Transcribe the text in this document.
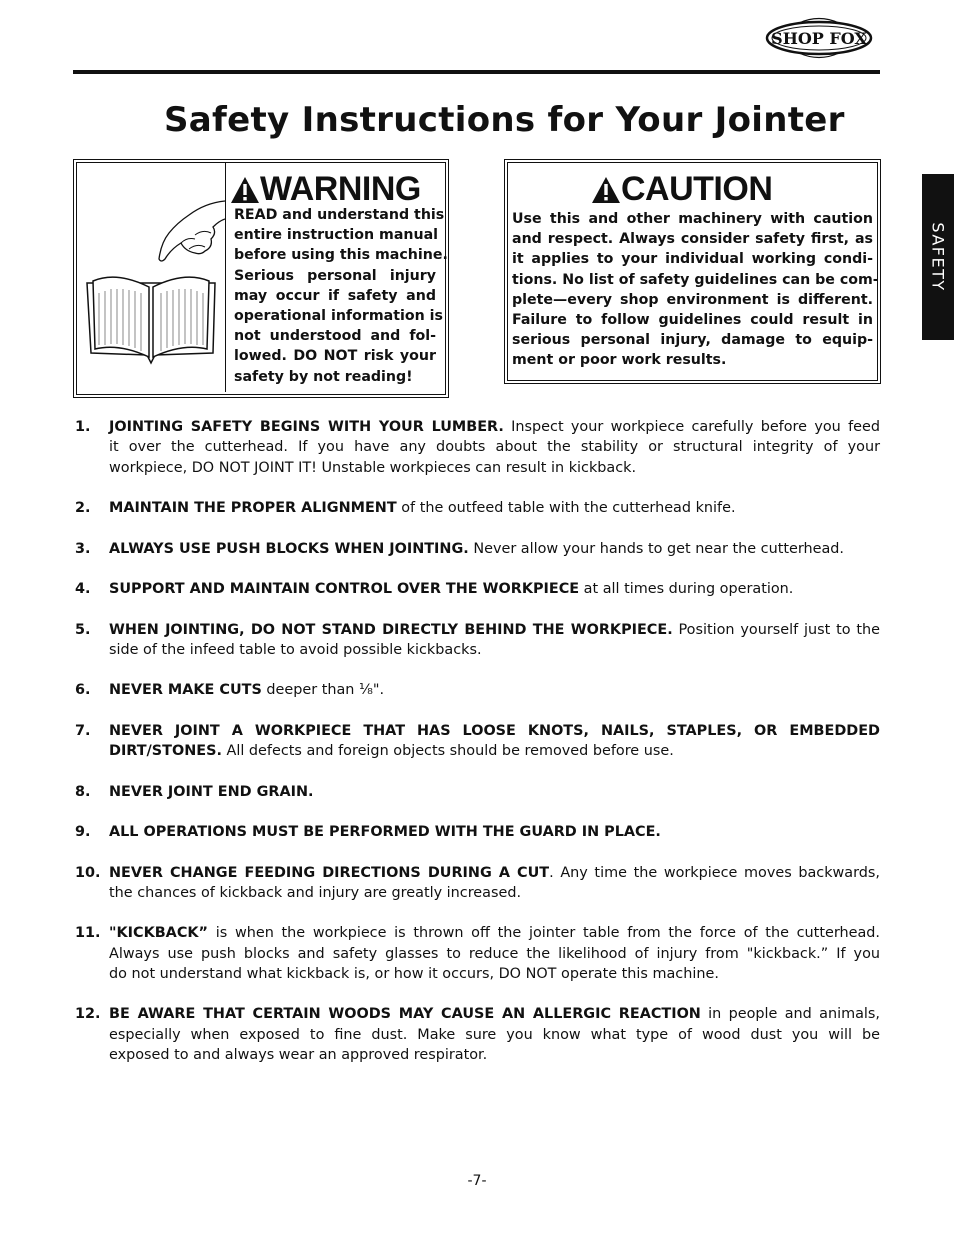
SHOP FOX
Safety Instructions for Your Jointer
SAFETY
WARNING
READ and understand this
entire instruction manual
before using this machine.
Serious personal injury
may occur if safety and
operational information is
not understood and fol-
lowed. DO NOT risk your
safety by not reading!
CAUTION
Use this and other machinery with caution
and respect. Always consider safety first, as
it applies to your individual working condi-
tions. No list of safety guidelines can be com-
plete—every shop environment is different.
Failure to follow guidelines could result in
serious personal injury, damage to equip-
ment or poor work results.
1. JOINTING SAFETY BEGINS WITH YOUR LUMBER. Inspect your workpiece carefully before you feed
it over the cutterhead. If you have any doubts about the stability or structural integrity of your
workpiece, DO NOT JOINT IT! Unstable workpieces can result in kickback.
2. MAINTAIN THE PROPER ALIGNMENT of the outfeed table with the cutterhead knife.
3. ALWAYS USE PUSH BLOCKS WHEN JOINTING. Never allow your hands to get near the cutterhead.
4. SUPPORT AND MAINTAIN CONTROL OVER THE WORKPIECE at all times during operation.
5. WHEN JOINTING, DO NOT STAND DIRECTLY BEHIND THE WORKPIECE. Position yourself just to the
side of the infeed table to avoid possible kickbacks.
6. NEVER MAKE CUTS deeper than ¹⁄₈".
7. NEVER JOINT A WORKPIECE THAT HAS LOOSE KNOTS, NAILS, STAPLES, OR EMBEDDED
DIRT/STONES. All defects and foreign objects should be removed before use.
8. NEVER JOINT END GRAIN.
9. ALL OPERATIONS MUST BE PERFORMED WITH THE GUARD IN PLACE.
10. NEVER CHANGE FEEDING DIRECTIONS DURING A CUT. Any time the workpiece moves backwards,
the chances of kickback and injury are greatly increased.
11. "KICKBACK” is when the workpiece is thrown off the jointer table from the force of the cutterhead.
Always use push blocks and safety glasses to reduce the likelihood of injury from "kickback.” If you
do not understand what kickback is, or how it occurs, DO NOT operate this machine.
12. BE AWARE THAT CERTAIN WOODS MAY CAUSE AN ALLERGIC REACTION in people and animals,
especially when exposed to fine dust. Make sure you know what type of wood dust you will be
exposed to and always wear an approved respirator.
-7-
